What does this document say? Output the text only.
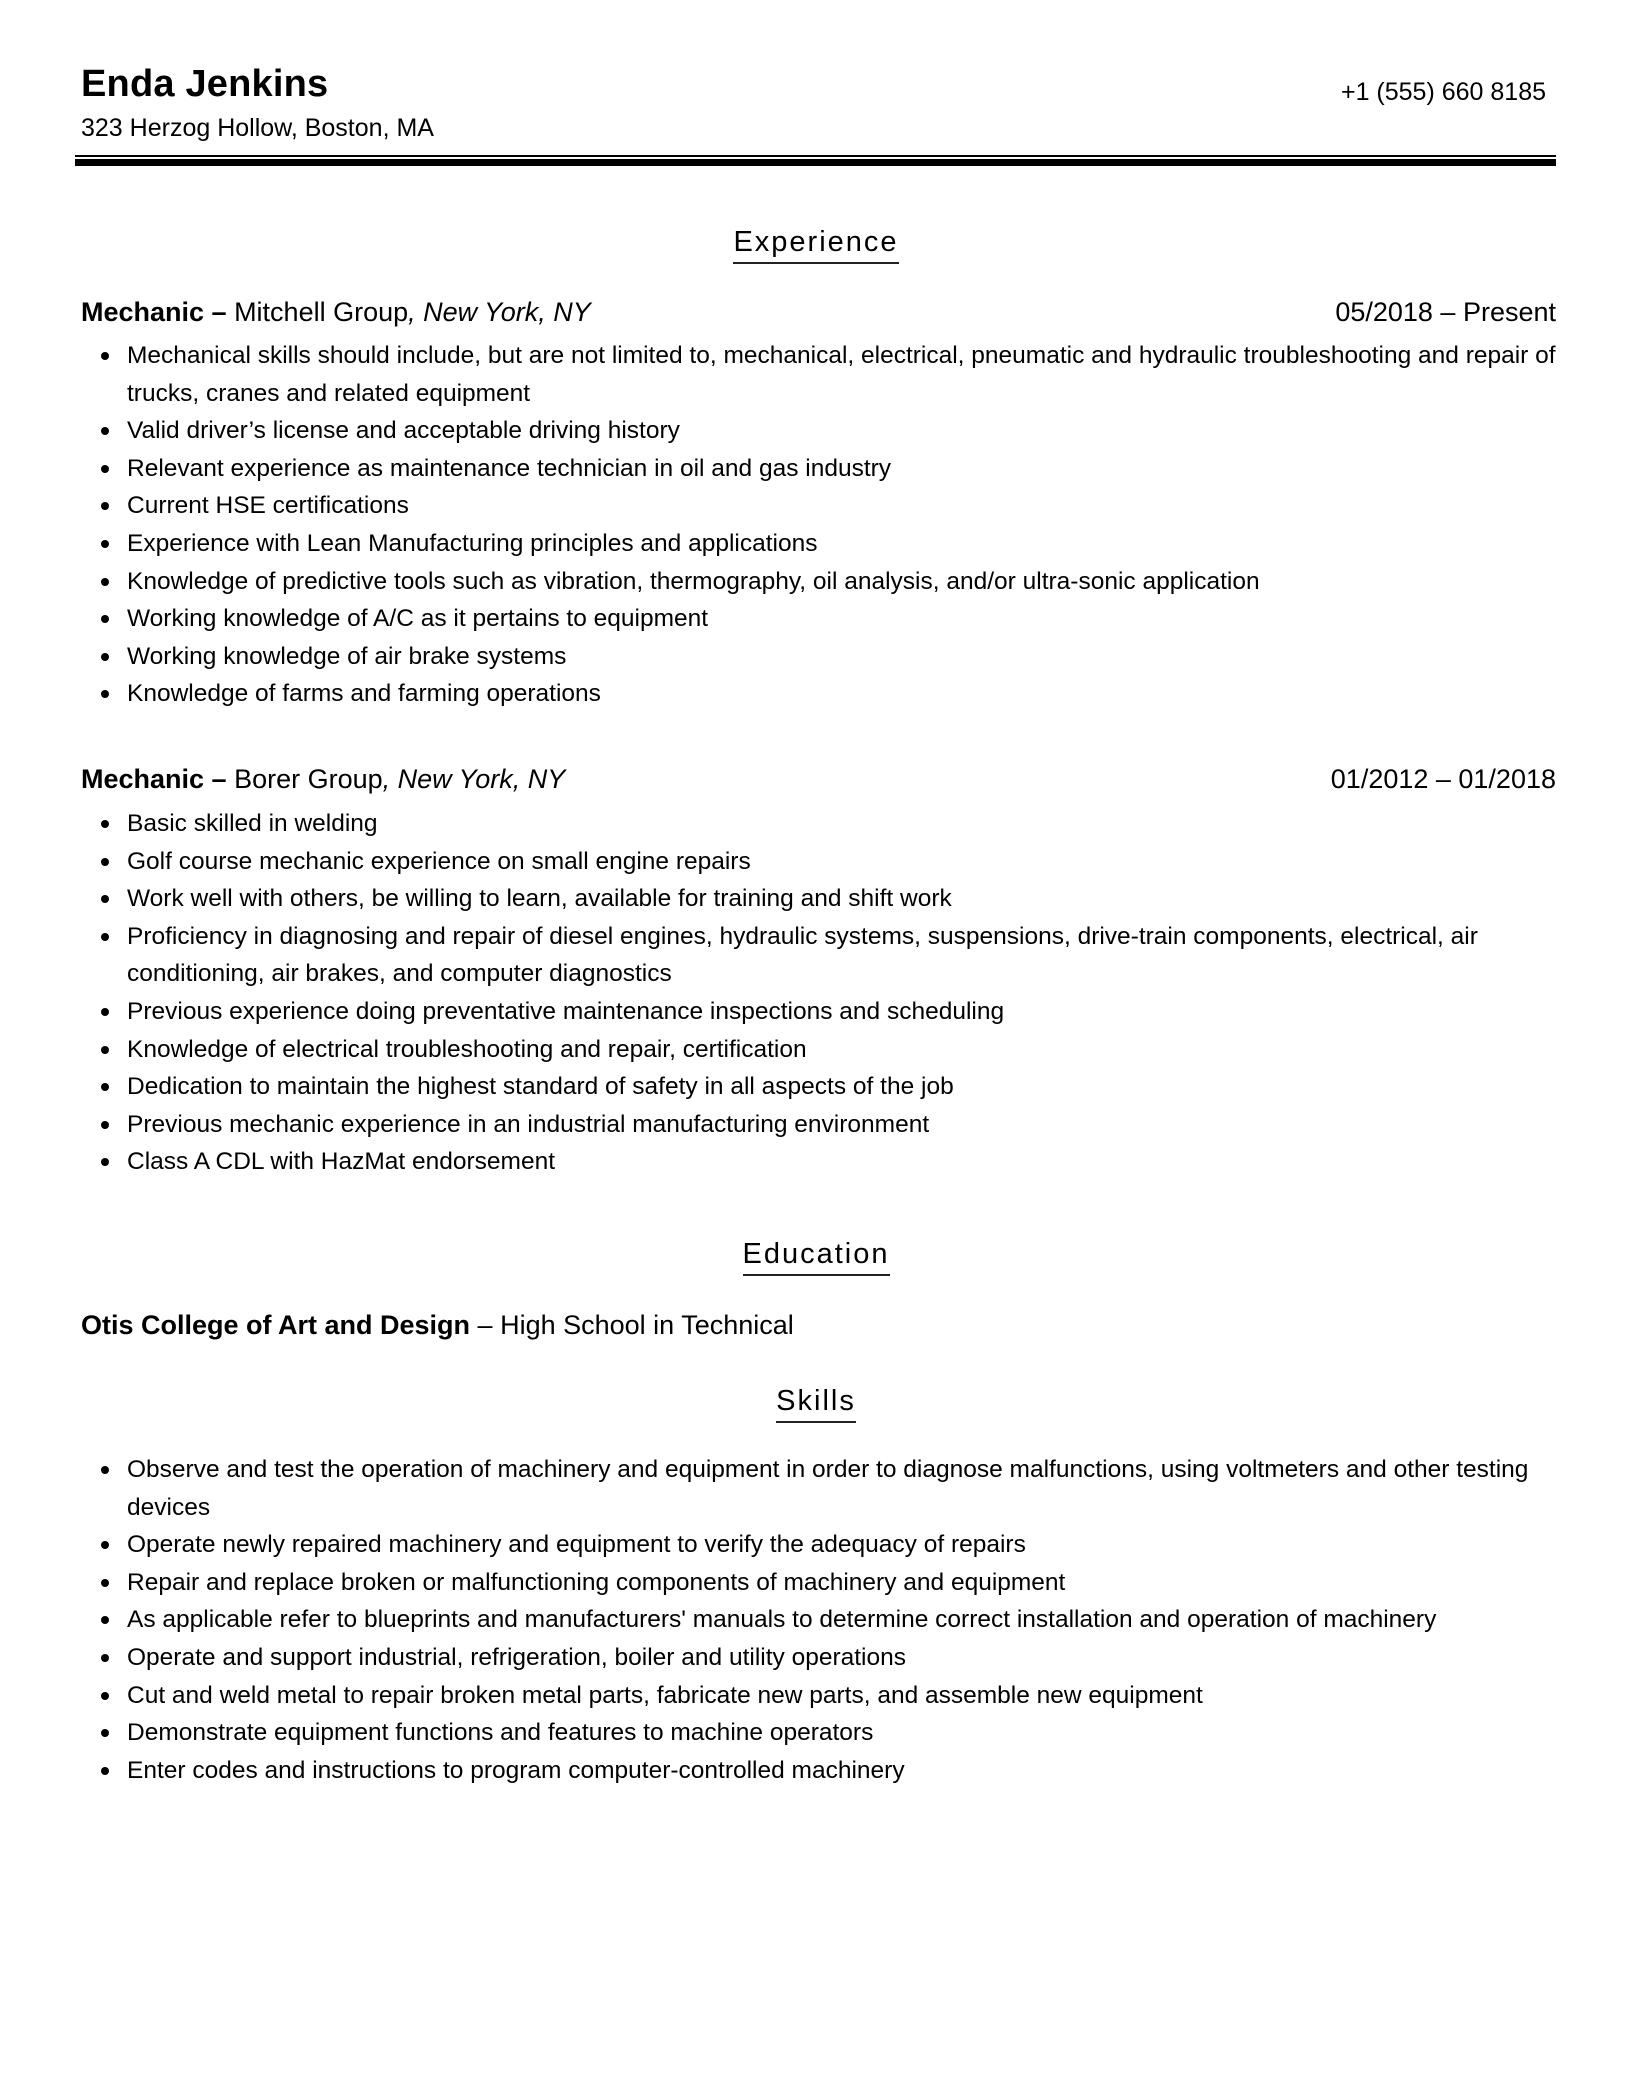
Enda Jenkins
323 Herzog Hollow, Boston, MA
+1 (555) 660 8185
Experience
Mechanic – Mitchell Group, New York, NY	05/2018 – Present
Mechanical skills should include, but are not limited to, mechanical, electrical, pneumatic and hydraulic troubleshooting and repair of trucks, cranes and related equipment
Valid driver’s license and acceptable driving history
Relevant experience as maintenance technician in oil and gas industry
Current HSE certifications
Experience with Lean Manufacturing principles and applications
Knowledge of predictive tools such as vibration, thermography, oil analysis, and/or ultra-sonic application
Working knowledge of A/C as it pertains to equipment
Working knowledge of air brake systems
Knowledge of farms and farming operations
Mechanic – Borer Group, New York, NY	01/2012 – 01/2018
Basic skilled in welding
Golf course mechanic experience on small engine repairs
Work well with others, be willing to learn, available for training and shift work
Proficiency in diagnosing and repair of diesel engines, hydraulic systems, suspensions, drive-train components, electrical, air conditioning, air brakes, and computer diagnostics
Previous experience doing preventative maintenance inspections and scheduling
Knowledge of electrical troubleshooting and repair, certification
Dedication to maintain the highest standard of safety in all aspects of the job
Previous mechanic experience in an industrial manufacturing environment
Class A CDL with HazMat endorsement
Education
Otis College of Art and Design – High School in Technical
Skills
Observe and test the operation of machinery and equipment in order to diagnose malfunctions, using voltmeters and other testing devices
Operate newly repaired machinery and equipment to verify the adequacy of repairs
Repair and replace broken or malfunctioning components of machinery and equipment
As applicable refer to blueprints and manufacturers' manuals to determine correct installation and operation of machinery
Operate and support industrial, refrigeration, boiler and utility operations
Cut and weld metal to repair broken metal parts, fabricate new parts, and assemble new equipment
Demonstrate equipment functions and features to machine operators
Enter codes and instructions to program computer-controlled machinery
